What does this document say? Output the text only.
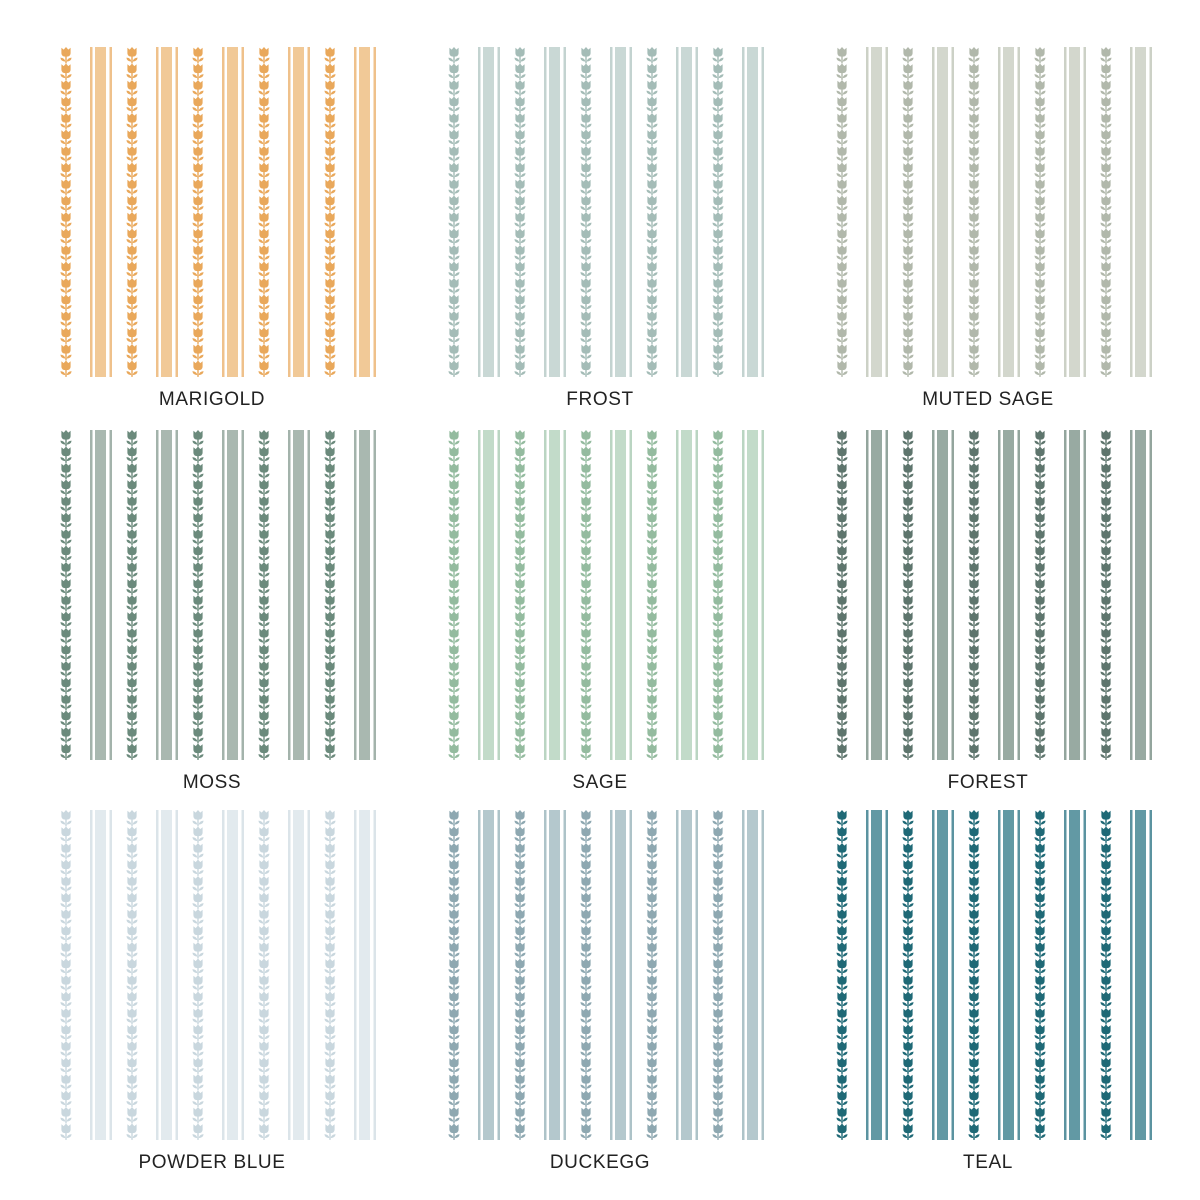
MARIGOLD	FROST	MUTED SAGE
MOSS	SAGE	FOREST
POWDER BLUE	DUCKEGG	TEAL
